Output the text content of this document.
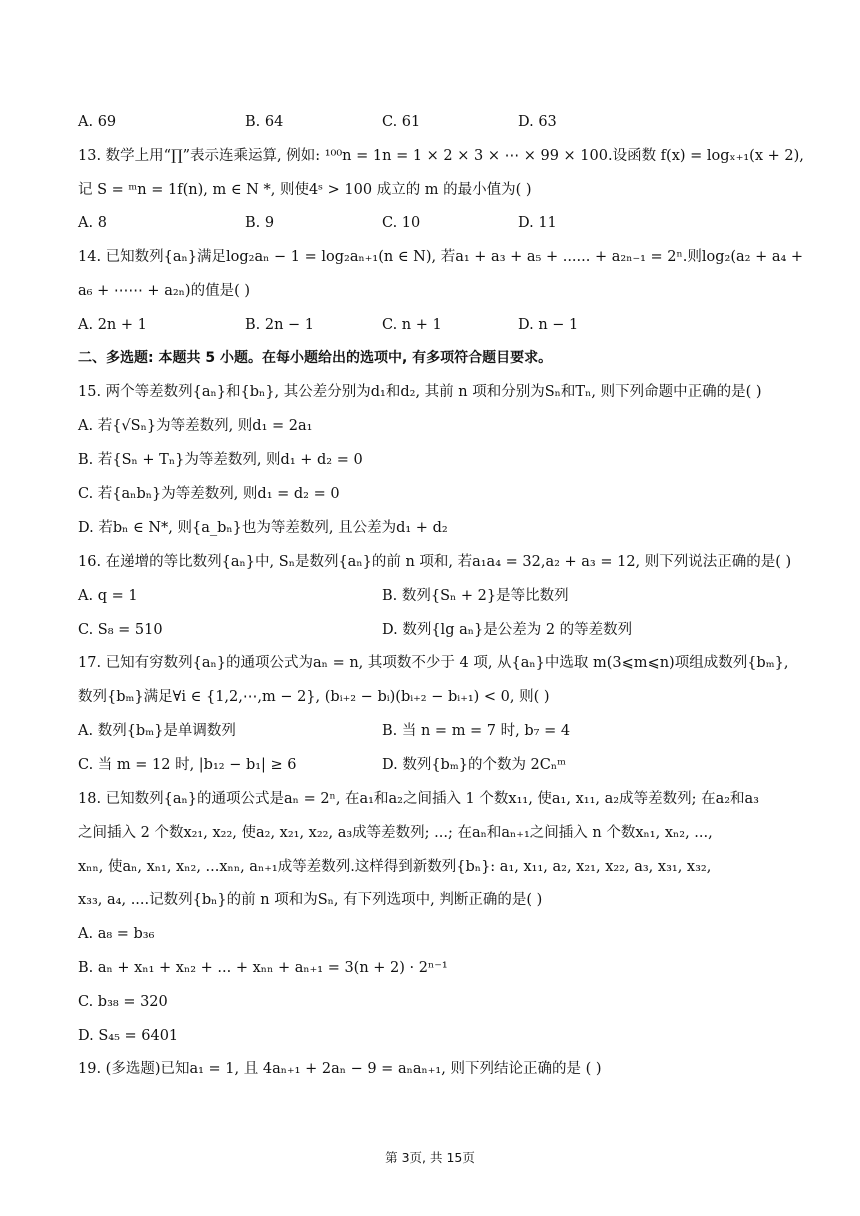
A. 69	B. 64	C. 61	D. 63
13. 数学上用“∏”表示连乘运算, 例如: ¹⁰⁰n = 1n = 1 × 2 × 3 × ⋯ × 99 × 100.设函数 f(x) = logₓ₊₁(x + 2),
记 S = ᵐn = 1f(n), m ∈ N *, 则使4ˢ > 100 成立的 m 的最小值为( )
A. 8	B. 9	C. 10	D. 11
14. 已知数列{aₙ}满足log₂aₙ − 1 = log₂aₙ₊₁(n ∈ N), 若a₁ + a₃ + a₅ + ...... + a₂ₙ₋₁ = 2ⁿ.则log₂(a₂ + a₄ +
a₆ + ⋯⋯ + a₂ₙ)的值是( )
A. 2n + 1	B. 2n − 1	C. n + 1	D. n − 1
二、多选题: 本题共 5 小题。在每小题给出的选项中, 有多项符合题目要求。
15. 两个等差数列{aₙ}和{bₙ}, 其公差分别为d₁和d₂, 其前 n 项和分别为Sₙ和Tₙ, 则下列命题中正确的是( )
A. 若{√Sₙ}为等差数列, 则d₁ = 2a₁
B. 若{Sₙ + Tₙ}为等差数列, 则d₁ + d₂ = 0
C. 若{aₙbₙ}为等差数列, 则d₁ = d₂ = 0
D. 若bₙ ∈ N*, 则{a_bₙ}也为等差数列, 且公差为d₁ + d₂
16. 在递增的等比数列{aₙ}中, Sₙ是数列{aₙ}的前 n 项和, 若a₁a₄ = 32,a₂ + a₃ = 12, 则下列说法正确的是( )
A. q = 1	B. 数列{Sₙ + 2}是等比数列
C. S₈ = 510	D. 数列{lg aₙ}是公差为 2 的等差数列
17. 已知有穷数列{aₙ}的通项公式为aₙ = n, 其项数不少于 4 项, 从{aₙ}中选取 m(3⩽m⩽n)项组成数列{bₘ},
数列{bₘ}满足∀i ∈ {1,2,⋯,m − 2}, (bᵢ₊₂ − bᵢ)(bᵢ₊₂ − bᵢ₊₁) < 0, 则( )
A. 数列{bₘ}是单调数列	B. 当 n = m = 7 时, b₇ = 4
C. 当 m = 12 时, |b₁₂ − b₁| ≥ 6	D. 数列{bₘ}的个数为 2Cₙᵐ
18. 已知数列{aₙ}的通项公式是aₙ = 2ⁿ, 在a₁和a₂之间插入 1 个数x₁₁, 使a₁, x₁₁, a₂成等差数列; 在a₂和a₃
之间插入 2 个数x₂₁, x₂₂, 使a₂, x₂₁, x₂₂, a₃成等差数列; ...; 在aₙ和aₙ₊₁之间插入 n 个数xₙ₁, xₙ₂, ...,
xₙₙ, 使aₙ, xₙ₁, xₙ₂, ...xₙₙ, aₙ₊₁成等差数列.这样得到新数列{bₙ}: a₁, x₁₁, a₂, x₂₁, x₂₂, a₃, x₃₁, x₃₂,
x₃₃, a₄, ....记数列{bₙ}的前 n 项和为Sₙ, 有下列选项中, 判断正确的是( )
A. a₈ = b₃₆
B. aₙ + xₙ₁ + xₙ₂ + ... + xₙₙ + aₙ₊₁ = 3(n + 2) · 2ⁿ⁻¹
C. b₃₈ = 320
D. S₄₅ = 6401
19. (多选题)已知a₁ = 1, 且 4aₙ₊₁ + 2aₙ − 9 = aₙaₙ₊₁, 则下列结论正确的是 ( )
第 3页, 共 15页
